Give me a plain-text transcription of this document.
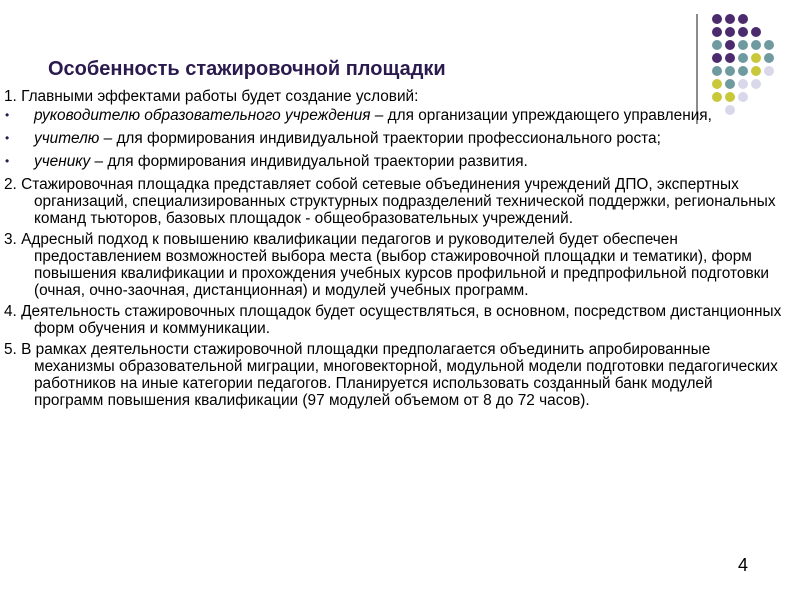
Особенность стажировочной площадки

1. Главными эффектами работы будет создание условий:

• руководителю образовательного учреждения – для организации упреждающего управления,
• учителю – для формирования индивидуальной траектории профессионального роста;
• ученику – для формирования индивидуальной траектории развития.

2. Стажировочная площадка представляет собой сетевые объединения учреждений ДПО, экспертных организаций, специализированных структурных подразделений технической поддержки, региональных команд тьюторов, базовых площадок - общеобразовательных учреждений.

3. Адресный подход к повышению квалификации педагогов и руководителей будет обеспечен предоставлением возможностей выбора места (выбор стажировочной площадки и тематики), форм повышения квалификации и прохождения учебных курсов профильной и предпрофильной подготовки (очная, очно-заочная, дистанционная) и модулей учебных программ.

4. Деятельность стажировочных площадок будет осуществляться, в основном, посредством дистанционных форм обучения и коммуникации.

5. В рамках деятельности стажировочной площадки предполагается объединить апробированные механизмы образовательной миграции, многовекторной, модульной модели подготовки педагогических работников на иные категории педагогов. Планируется использовать созданный банк модулей программ повышения квалификации (97 модулей объемом от 8 до 72 часов).

4
